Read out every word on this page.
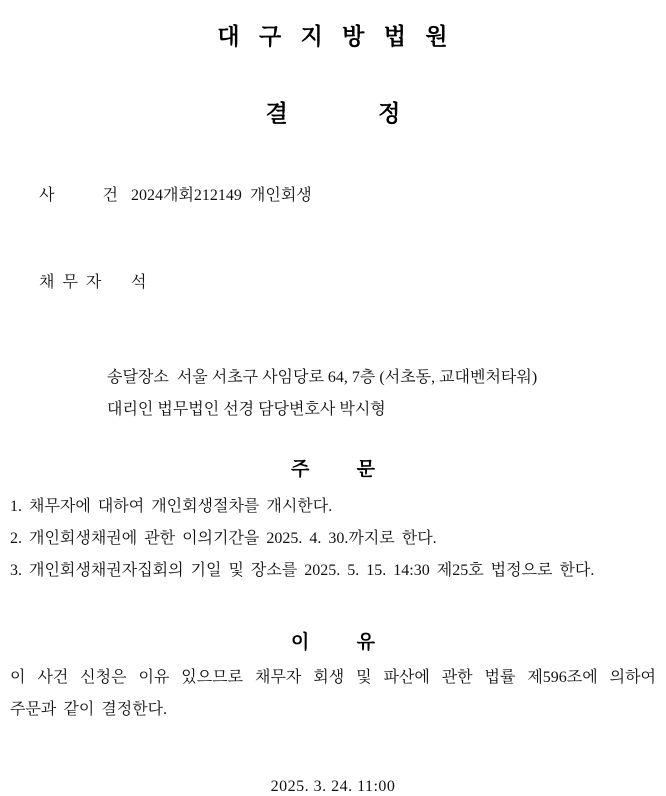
대 구 지 방 법 원
결 정

사      건 2024개회212149  개인회생

채 무 자 석

송달장소  서울 서초구 사임당로 64, 7층 (서초동, 교대벤처타워)
대리인 법무법인 선경 담당변호사 박시형
주 문
1. 채무자에 대하여 개인회생절차를 개시한다.
2. 개인회생채권에 관한 이의기간을 2025. 4. 30.까지로 한다.
3. 개인회생채권자집회의 기일 및 장소를 2025. 5. 15. 14:30 제25호 법정으로 한다.
이 유
이 사건 신청은 이유 있으므로 채무자 회생 및 파산에 관한 법률 제596조에 의하여
주문과 같이 결정한다.
2025. 3. 24. 11:00
